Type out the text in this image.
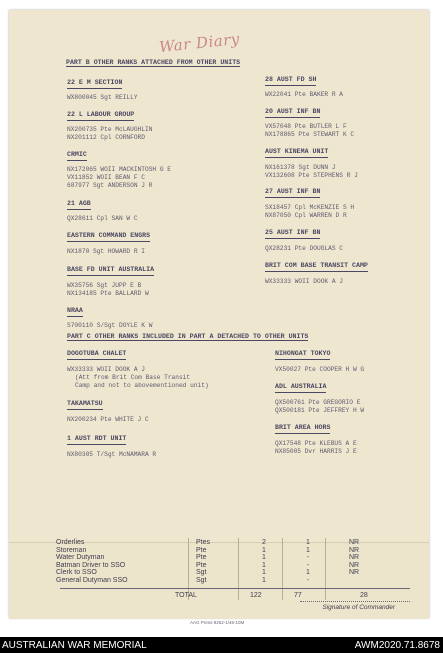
War Diary
PART B OTHER RANKS ATTACHED FROM OTHER UNITS
22 E M SECTION
WX800045 Sgt REILLY
22 L LABOUR GROUP
NX200735 Pte McLAUGHLIN
NX201112 Cpl CORNFORD
CRMIC
NX172065 WOII MACKINTOSH G E
VX11852 WOII BEAN F C
687977 Sgt ANDERSON J R
21 AGB
QX28611 Cpl SAN W C
EASTERN COMMAND ENGRS
NX1870 Sgt HOWARD R I
BASE FD UNIT AUSTRALIA
WX35756 Sgt JUPP E B
NX134185 Pte BALLARD W
NRAA
S700110 S/Sgt DOYLE K W
28 AUST FD SH
WX22041 Pte BAKER R A
20 AUST INF BN
VX57048 Pte BUTLER L F
NX178865 Pte STEWART K C
AUST KINEMA UNIT
NX161378 Sgt DUNN J
VX132608 Pte STEPHENS R J
27 AUST INF BN
SX18457 Cpl McKENZIE S H
NX87050 Cpl WARREN D R
25 AUST INF BN
QX28231 Pte DOUGLAS C
BRIT COM BASE TRANSIT CAMP
WX33333 WOII DOOK A J
PART C OTHER RANKS INCLUDED IN PART A DETACHED TO OTHER UNITS
DOGOTUBA CHALET
WX33333 WOII DOOK A J
(Att from Brit Com Base Transit
Camp and not to abovementioned unit)
TAKAMATSU
NX200234 Pte WHITE J C
1 AUST RDT UNIT
NX80305 T/Sgt McNAMARA R
NIHONGAT TOKYO
VX50027 Pte COOPER H W G
ADL AUSTRALIA
QX500761 Pte GREGORIO E
QX500181 Pte JEFFREY H W
BRIT AREA HORS
QX17548 Pte KLEBUS A E
NX85005 Dvr HARRIS J E
Orderlies	Ptes	2	1	NR
Storeman	Pte	1	1	NR
Water Dutyman	Pte	1	-	NR
Batman Driver to SSO	Pte	1	-	NR
Clerk to SSO	Sgt	1	1	NR
General Dutyman SSO	Sgt	1	-	
TOTAL	122	77	28
Signature of Commander
AAG Press-8262-1/46-10M
AUSTRALIAN WAR MEMORIAL	AWM2020.71.8678
